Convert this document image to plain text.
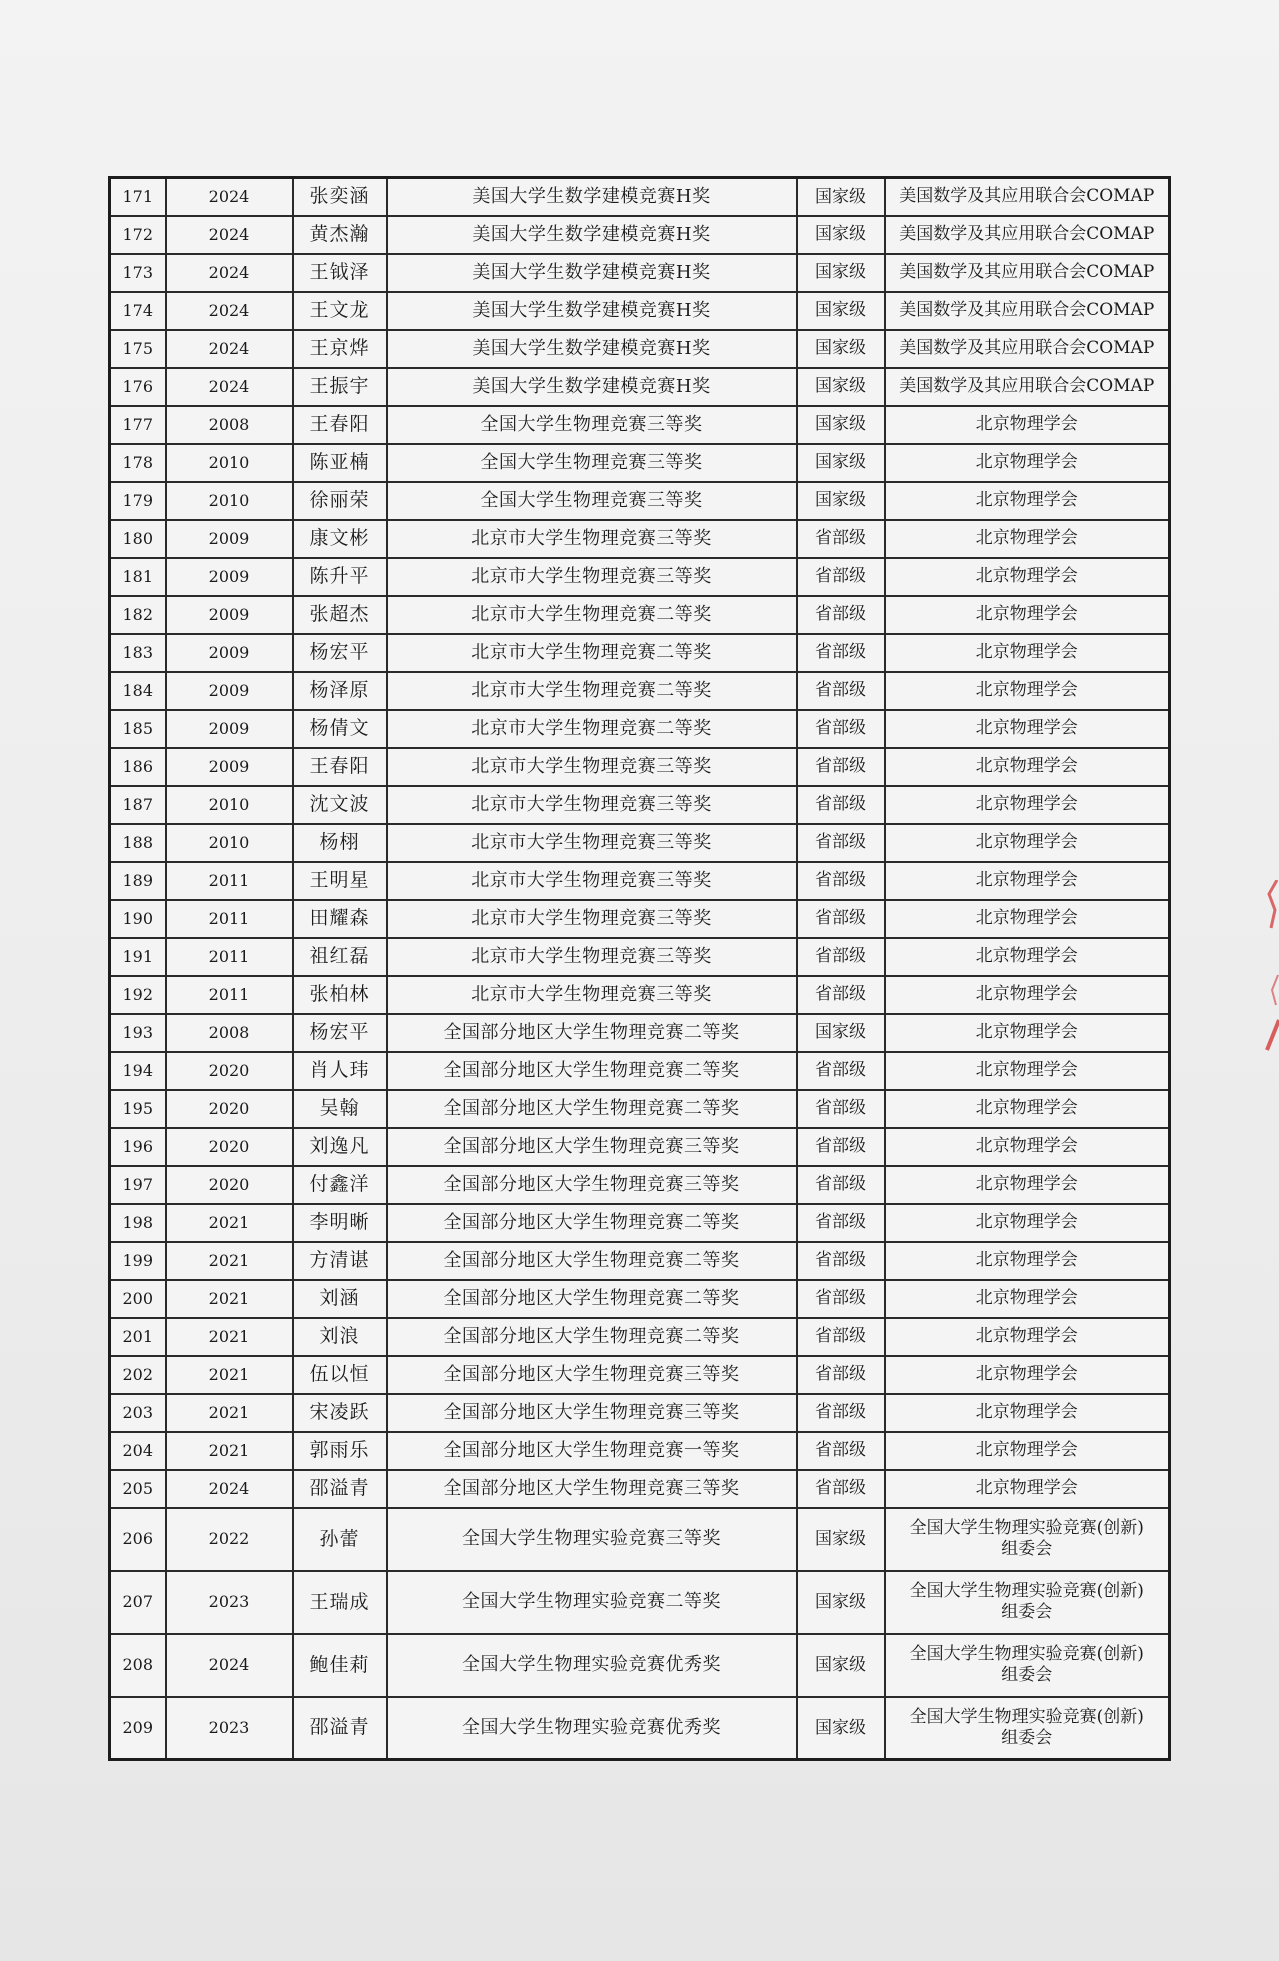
171	2024	张奕涵	美国大学生数学建模竞赛H奖	国家级	美国数学及其应用联合会COMAP

172	2024	黄杰瀚	美国大学生数学建模竞赛H奖	国家级	美国数学及其应用联合会COMAP

173	2024	王钺泽	美国大学生数学建模竞赛H奖	国家级	美国数学及其应用联合会COMAP

174	2024	王文龙	美国大学生数学建模竞赛H奖	国家级	美国数学及其应用联合会COMAP

175	2024	王京烨	美国大学生数学建模竞赛H奖	国家级	美国数学及其应用联合会COMAP

176	2024	王振宇	美国大学生数学建模竞赛H奖	国家级	美国数学及其应用联合会COMAP

177	2008	王春阳	全国大学生物理竞赛三等奖	国家级	北京物理学会

178	2010	陈亚楠	全国大学生物理竞赛三等奖	国家级	北京物理学会

179	2010	徐丽荣	全国大学生物理竞赛三等奖	国家级	北京物理学会

180	2009	康文彬	北京市大学生物理竞赛三等奖	省部级	北京物理学会

181	2009	陈升平	北京市大学生物理竞赛三等奖	省部级	北京物理学会

182	2009	张超杰	北京市大学生物理竞赛二等奖	省部级	北京物理学会

183	2009	杨宏平	北京市大学生物理竞赛二等奖	省部级	北京物理学会

184	2009	杨泽原	北京市大学生物理竞赛二等奖	省部级	北京物理学会

185	2009	杨倩文	北京市大学生物理竞赛二等奖	省部级	北京物理学会

186	2009	王春阳	北京市大学生物理竞赛三等奖	省部级	北京物理学会

187	2010	沈文波	北京市大学生物理竞赛三等奖	省部级	北京物理学会

188	2010	杨栩	北京市大学生物理竞赛三等奖	省部级	北京物理学会

189	2011	王明星	北京市大学生物理竞赛三等奖	省部级	北京物理学会

190	2011	田耀森	北京市大学生物理竞赛三等奖	省部级	北京物理学会

191	2011	祖红磊	北京市大学生物理竞赛三等奖	省部级	北京物理学会

192	2011	张柏林	北京市大学生物理竞赛三等奖	省部级	北京物理学会

193	2008	杨宏平	全国部分地区大学生物理竞赛二等奖	国家级	北京物理学会

194	2020	肖人玮	全国部分地区大学生物理竞赛二等奖	省部级	北京物理学会

195	2020	吴翰	全国部分地区大学生物理竞赛二等奖	省部级	北京物理学会

196	2020	刘逸凡	全国部分地区大学生物理竞赛三等奖	省部级	北京物理学会

197	2020	付鑫洋	全国部分地区大学生物理竞赛三等奖	省部级	北京物理学会

198	2021	李明晰	全国部分地区大学生物理竞赛二等奖	省部级	北京物理学会

199	2021	方清谌	全国部分地区大学生物理竞赛二等奖	省部级	北京物理学会

200	2021	刘涵	全国部分地区大学生物理竞赛二等奖	省部级	北京物理学会

201	2021	刘浪	全国部分地区大学生物理竞赛二等奖	省部级	北京物理学会

202	2021	伍以恒	全国部分地区大学生物理竞赛三等奖	省部级	北京物理学会

203	2021	宋凌跃	全国部分地区大学生物理竞赛三等奖	省部级	北京物理学会

204	2021	郭雨乐	全国部分地区大学生物理竞赛一等奖	省部级	北京物理学会

205	2024	邵溢青	全国部分地区大学生物理竞赛三等奖	省部级	北京物理学会

206	2022	孙蕾	全国大学生物理实验竞赛三等奖	国家级	全国大学生物理实验竞赛(创新)
组委会

207	2023	王瑞成	全国大学生物理实验竞赛二等奖	国家级	全国大学生物理实验竞赛(创新)
组委会

208	2024	鲍佳莉	全国大学生物理实验竞赛优秀奖	国家级	全国大学生物理实验竞赛(创新)
组委会

209	2023	邵溢青	全国大学生物理实验竞赛优秀奖	国家级	全国大学生物理实验竞赛(创新)
组委会
